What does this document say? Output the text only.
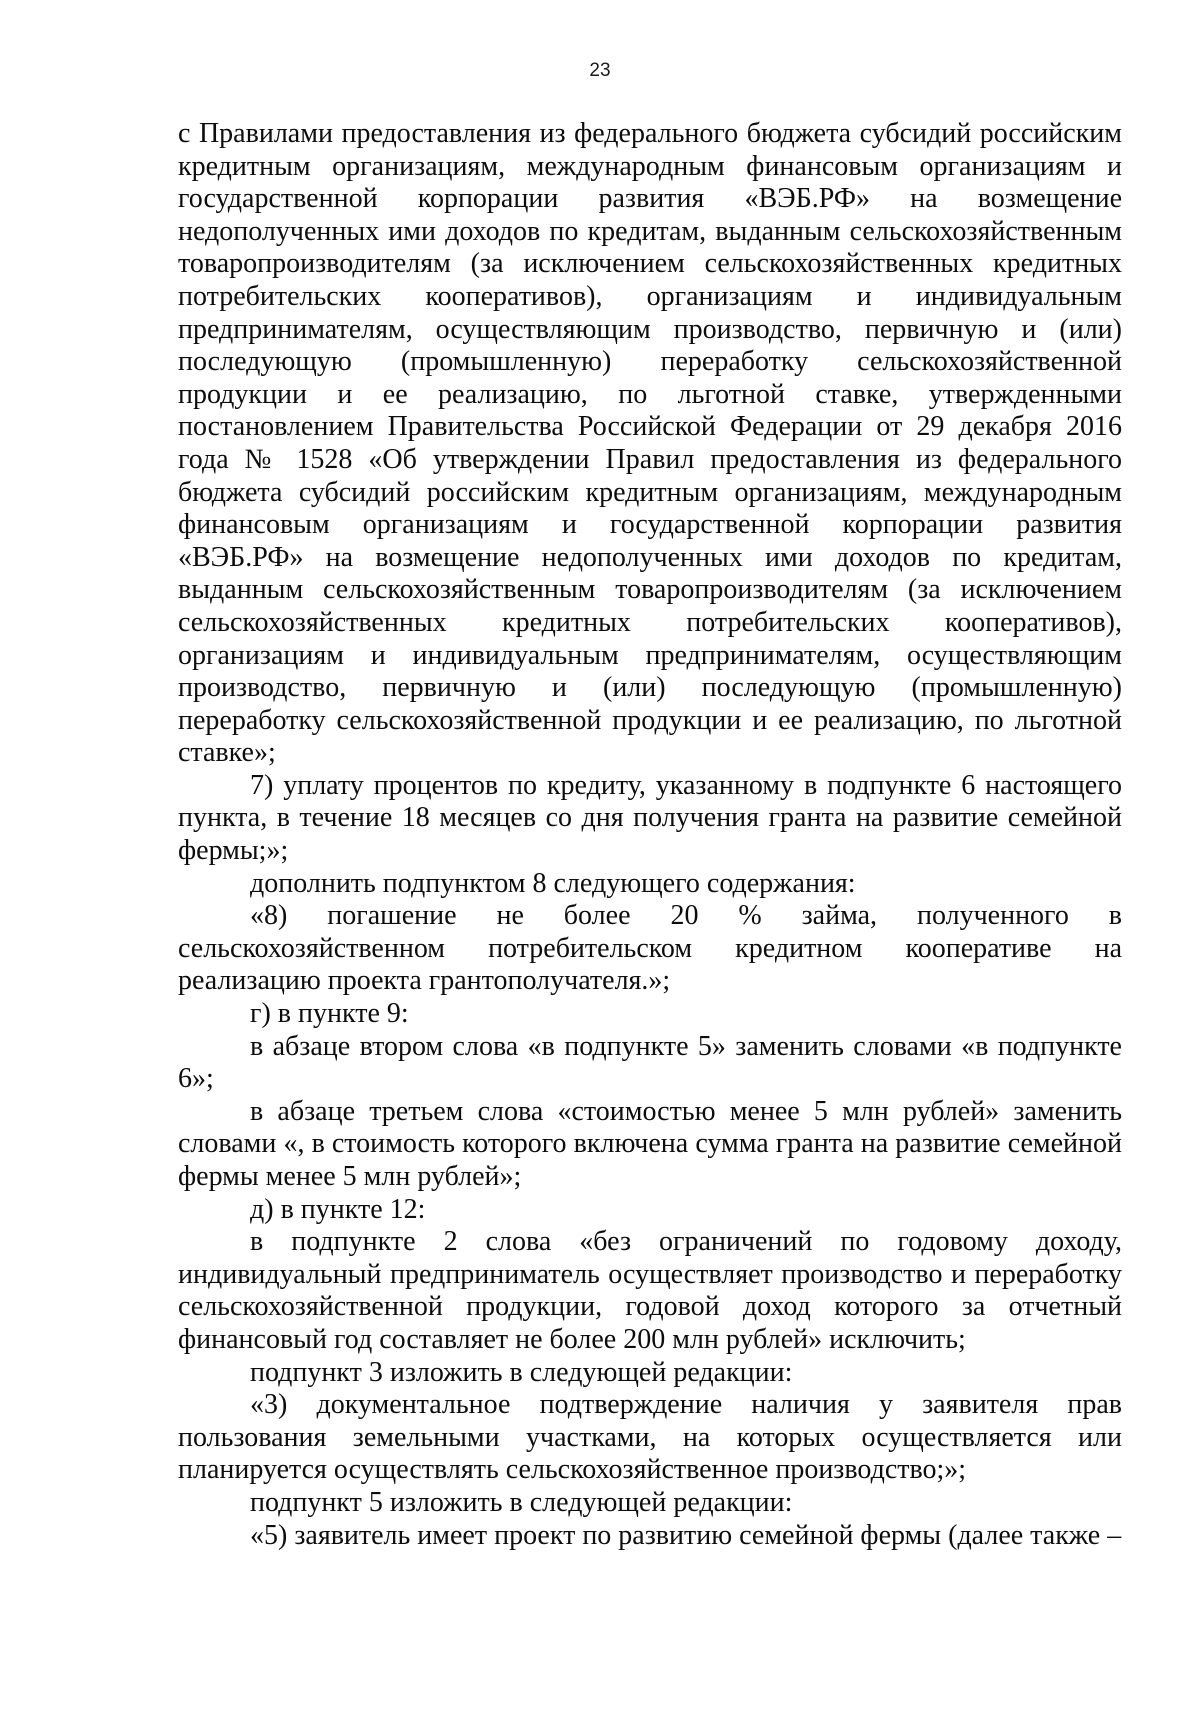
23

с Правилами предоставления из федерального бюджета субсидий российским кредитным организациям, международным финансовым организациям и государственной корпорации развития «ВЭБ.РФ» на возмещение недополученных ими доходов по кредитам, выданным сельскохозяйственным товаропроизводителям (за исключением сельскохозяйственных кредитных потребительских кооперативов), организациям и индивидуальным предпринимателям, осуществляющим производство, первичную и (или) последующую (промышленную) переработку сельскохозяйственной продукции и ее реализацию, по льготной ставке, утвержденными постановлением Правительства Российской Федерации от 29 декабря 2016 года № 1528 «Об утверждении Правил предоставления из федерального бюджета субсидий российским кредитным организациям, международным финансовым организациям и государственной корпорации развития «ВЭБ.РФ» на возмещение недополученных ими доходов по кредитам, выданным сельскохозяйственным товаропроизводителям (за исключением сельскохозяйственных кредитных потребительских кооперативов), организациям и индивидуальным предпринимателям, осуществляющим производство, первичную и (или) последующую (промышленную) переработку сельскохозяйственной продукции и ее реализацию, по льготной ставке»;

7) уплату процентов по кредиту, указанному в подпункте 6 настоящего пункта, в течение 18 месяцев со дня получения гранта на развитие семейной фермы;»;

дополнить подпунктом 8 следующего содержания:

«8) погашение не более 20 % займа, полученного в сельскохозяйственном потребительском кредитном кооперативе на реализацию проекта грантополучателя.»;

г) в пункте 9:

в абзаце втором слова «в подпункте 5» заменить словами «в подпункте 6»;

в абзаце третьем слова «стоимостью менее 5 млн рублей» заменить словами «, в стоимость которого включена сумма гранта на развитие семейной фермы менее 5 млн рублей»;

д) в пункте 12:

в подпункте 2 слова «без ограничений по годовому доходу, индивидуальный предприниматель осуществляет производство и переработку сельскохозяйственной продукции, годовой доход которого за отчетный финансовый год составляет не более 200 млн рублей» исключить;

подпункт 3 изложить в следующей редакции:

«3) документальное подтверждение наличия у заявителя прав пользования земельными участками, на которых осуществляется или планируется осуществлять сельскохозяйственное производство;»;

подпункт 5 изложить в следующей редакции:

«5) заявитель имеет проект по развитию семейной фермы (далее также –
